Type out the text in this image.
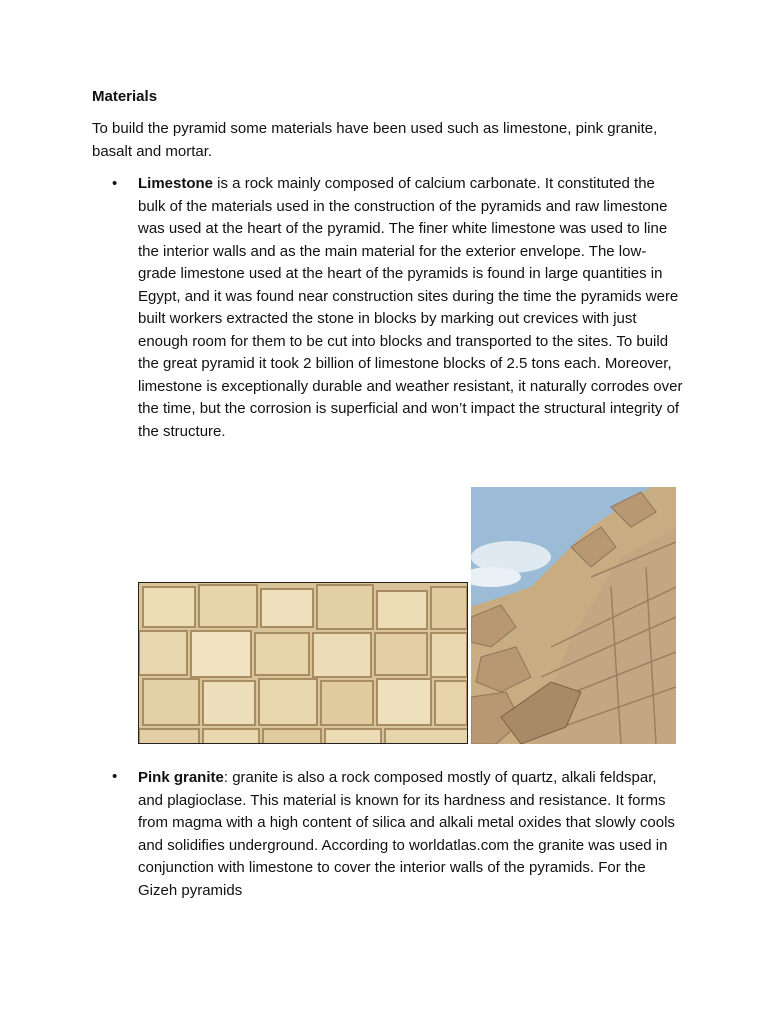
Materials
To build the pyramid some materials have been used such as limestone, pink granite, basalt and mortar.
• Limestone is a rock mainly composed of calcium carbonate. It constituted the bulk of the materials used in the construction of the pyramids and raw limestone was used at the heart of the pyramid. The finer white limestone was used to line the interior walls and as the main material for the exterior envelope. The low-grade limestone used at the heart of the pyramids is found in large quantities in Egypt, and it was found near construction sites during the time the pyramids were built workers extracted the stone in blocks by marking out crevices with just enough room for them to be cut into blocks and transported to the sites. To build the great pyramid it took 2 billion of limestone blocks of 2.5 tons each. Moreover, limestone is exceptionally durable and weather resistant, it naturally corrodes over the time, but the corrosion is superficial and won’t impact the structural integrity of the structure.
• Pink granite: granite is also a rock composed mostly of quartz, alkali feldspar, and plagioclase. This material is known for its hardness and resistance. It forms from magma with a high content of silica and alkali metal oxides that slowly cools and solidifies underground. According to worldatlas.com the granite was used in conjunction with limestone to cover the interior walls of the pyramids. For the Gizeh pyramids
